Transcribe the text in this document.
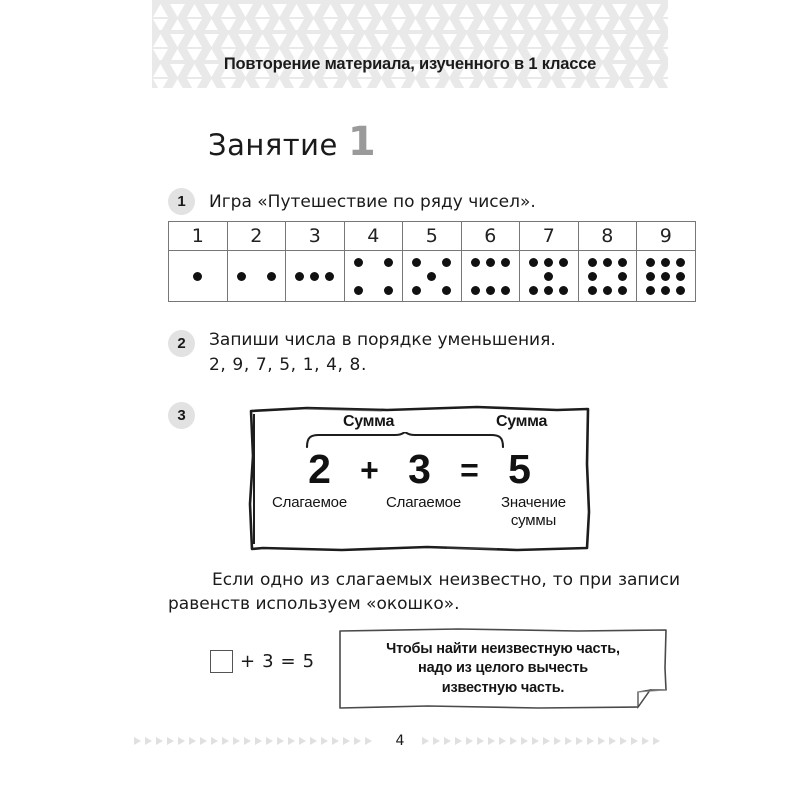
Повторение материала, изученного в 1 классе
Занятие 1
1	Игра «Путешествие по ряду чисел».
1	2	3	4	5	6	7	8	9

2	Запиши числа в порядке уменьшения.
2, 9, 7, 5, 1, 4, 8.
3	Сумма	Сумма
2 + 3 = 5
Слагаемое	Слагаемое	Значение
суммы
Если одно из слагаемых неизвестно, то при записи равенств используем «окошко».
+ 3 = 5
Чтобы найти неизвестную часть,
надо из целого вычесть
известную часть.
4
